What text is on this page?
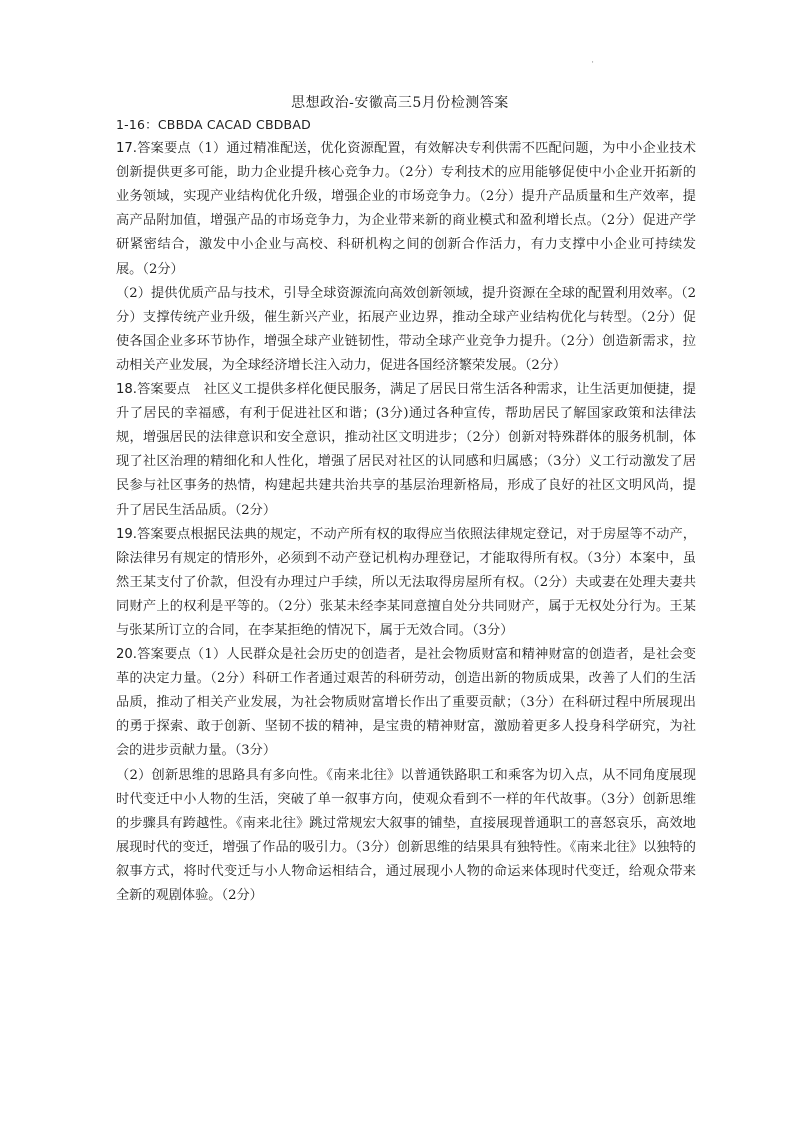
·
思想政治-安徽高三5月份检测答案

1-16：CBBDA CACAD CBDBAD

17.答案要点（1）通过精准配送，优化资源配置，有效解决专利供需不匹配问题，为中小企业技术创新提供更多可能，助力企业提升核心竞争力。（2分）专利技术的应用能够促使中小企业开拓新的业务领域，实现产业结构优化升级，增强企业的市场竞争力。（2分）提升产品质量和生产效率，提高产品附加值，增强产品的市场竞争力，为企业带来新的商业模式和盈利增长点。（2分）促进产学研紧密结合，激发中小企业与高校、科研机构之间的创新合作活力，有力支撑中小企业可持续发展。（2分）

（2）提供优质产品与技术，引导全球资源流向高效创新领域，提升资源在全球的配置利用效率。（2分）支撑传统产业升级，催生新兴产业，拓展产业边界，推动全球产业结构优化与转型。（2分）促使各国企业多环节协作，增强全球产业链韧性，带动全球产业竞争力提升。（2分）创造新需求，拉动相关产业发展，为全球经济增长注入动力，促进各国经济繁荣发展。（2分）

18.答案要点　社区义工提供多样化便民服务，满足了居民日常生活各种需求，让生活更加便捷，提升了居民的幸福感，有利于促进社区和谐；(3分)通过各种宣传，帮助居民了解国家政策和法律法规，增强居民的法律意识和安全意识，推动社区文明进步；（2分）创新对特殊群体的服务机制，体现了社区治理的精细化和人性化，增强了居民对社区的认同感和归属感；（3分）义工行动激发了居民参与社区事务的热情，构建起共建共治共享的基层治理新格局，形成了良好的社区文明风尚，提升了居民生活品质。（2分）

19.答案要点根据民法典的规定，不动产所有权的取得应当依照法律规定登记，对于房屋等不动产，除法律另有规定的情形外，必须到不动产登记机构办理登记，才能取得所有权。（3分）本案中，虽然王某支付了价款，但没有办理过户手续，所以无法取得房屋所有权。（2分）夫或妻在处理夫妻共同财产上的权利是平等的。（2分）张某未经李某同意擅自处分共同财产，属于无权处分行为。王某与张某所订立的合同，在李某拒绝的情况下，属于无效合同。（3分）

20.答案要点（1）人民群众是社会历史的创造者，是社会物质财富和精神财富的创造者，是社会变革的决定力量。（2分）科研工作者通过艰苦的科研劳动，创造出新的物质成果，改善了人们的生活品质，推动了相关产业发展，为社会物质财富增长作出了重要贡献；（3分）在科研过程中所展现出的勇于探索、敢于创新、坚韧不拔的精神，是宝贵的精神财富，激励着更多人投身科学研究，为社会的进步贡献力量。（3分）

（2）创新思维的思路具有多向性。《南来北往》以普通铁路职工和乘客为切入点，从不同角度展现时代变迁中小人物的生活，突破了单一叙事方向，使观众看到不一样的年代故事。（3分）创新思维的步骤具有跨越性。《南来北往》跳过常规宏大叙事的铺垫，直接展现普通职工的喜怒哀乐，高效地展现时代的变迁，增强了作品的吸引力。（3分）创新思维的结果具有独特性。《南来北往》以独特的叙事方式，将时代变迁与小人物命运相结合，通过展现小人物的命运来体现时代变迁，给观众带来全新的观剧体验。（2分）
